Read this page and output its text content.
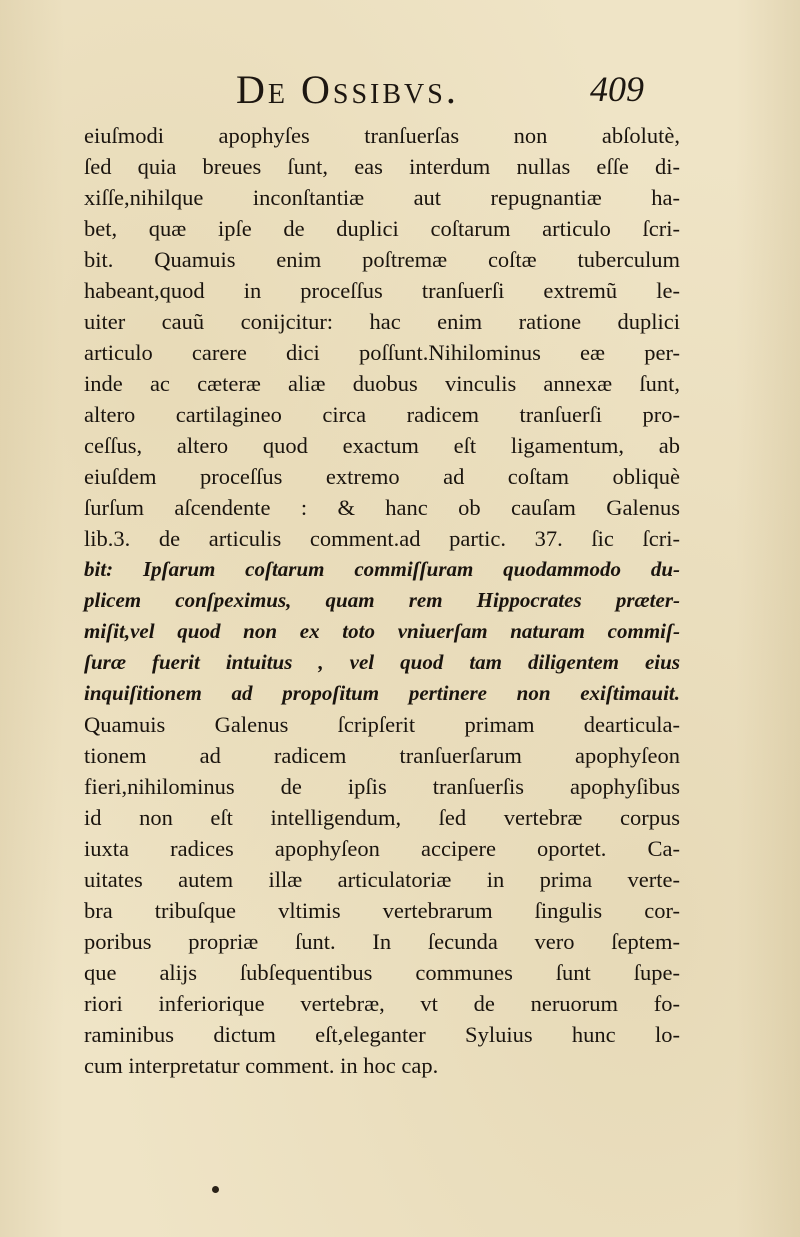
De Ossibvs.	409
eiuſmodi apophyſes tranſuerſas non abſolutè,
ſed quia breues ſunt, eas interdum nullas eſſe di-
xiſſe,nihilque inconſtantiæ aut repugnantiæ ha-
bet, quæ ipſe de duplici coſtarum articulo ſcri-
bit. Quamuis enim poſtremæ coſtæ tuberculum
habeant,quod in proceſſus tranſuerſi extremũ le-
uiter cauũ conijcitur: hac enim ratione duplici
articulo carere dici poſſunt.Nihilominus eæ per-
inde ac cæteræ aliæ duobus vinculis annexæ ſunt,
altero cartilagineo circa radicem tranſuerſi pro-
ceſſus, altero quod exactum eſt ligamentum, ab
eiuſdem proceſſus extremo ad coſtam obliquè
ſurſum aſcendente : & hanc ob cauſam Galenus
lib.3. de articulis comment.ad partic. 37. ſic ſcri-
bit: Ipſarum coſtarum commiſſuram quodammodo du-
plicem conſpeximus, quam rem Hippocrates præter-
miſit,vel quod non ex toto vniuerſam naturam commiſ-
ſuræ fuerit intuitus , vel quod tam diligentem eius
inquiſitionem ad propoſitum pertinere non exiſtimauit.
Quamuis Galenus ſcripſerit primam dearticula-
tionem ad radicem tranſuerſarum apophyſeon
fieri,nihilominus de ipſis tranſuerſis apophyſibus
id non eſt intelligendum, ſed vertebræ corpus
iuxta radices apophyſeon accipere oportet. Ca-
uitates autem illæ articulatoriæ in prima verte-
bra tribuſque vltimis vertebrarum ſingulis cor-
poribus propriæ ſunt. In ſecunda vero ſeptem-
que alijs ſubſequentibus communes ſunt ſupe-
riori inferiorique vertebræ, vt de neruorum fo-
raminibus dictum eſt,eleganter Syluius hunc lo-
cum interpretatur comment. in hoc cap.
